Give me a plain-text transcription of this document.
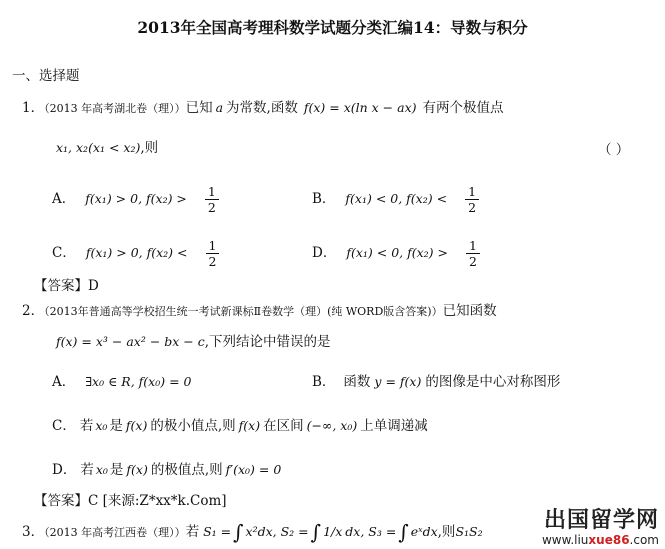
2013年全国高考理科数学试题分类汇编14：导数与积分
一、选择题
1．（2013 年高考湖北卷（理））已知 a 为常数,函数 f(x) = x(ln x − ax) 有两个极值点
x₁, x₂(x₁ < x₂),则	（ ）
A． f(x₁) > 0, $f(x_2) > \frac{1}{2}$	B． f(x₁) < 0, $f(x_2) < \frac{1}{2}$
C． f(x₁) > 0, $f(x_2) < \frac{1}{2}$	D． f(x₁) < 0, $f(x_2) > \frac{1}{2}$
【答案】D
2．（2013年普通高等学校招生统一考试新课标Ⅱ卷数学（理）(纯 WORD版含答案)）已知函数
f(x) = x³ − ax² − bx − c,下列结论中错误的是
A． ∃x₀ ∈ R, f(x₀) = 0	B． 函数 y = f(x) 的图像是中心对称图形
C． 若 x₀ 是 f(x) 的极小值点,则 f(x) 在区间 (−∞, x₀) 上单调递减
D． 若 x₀ 是 f(x) 的极值点,则 f′(x₀) = 0
【答案】C [来源:Z*xx*k.Com]
3．（2013 年高考江西卷（理））若 S₁ = ∫ x²dx, S₂ = ∫ 1/x dx, S₃ = ∫ eˣdx,则S₁S₂	出国留学网
www.liuxue86.com
